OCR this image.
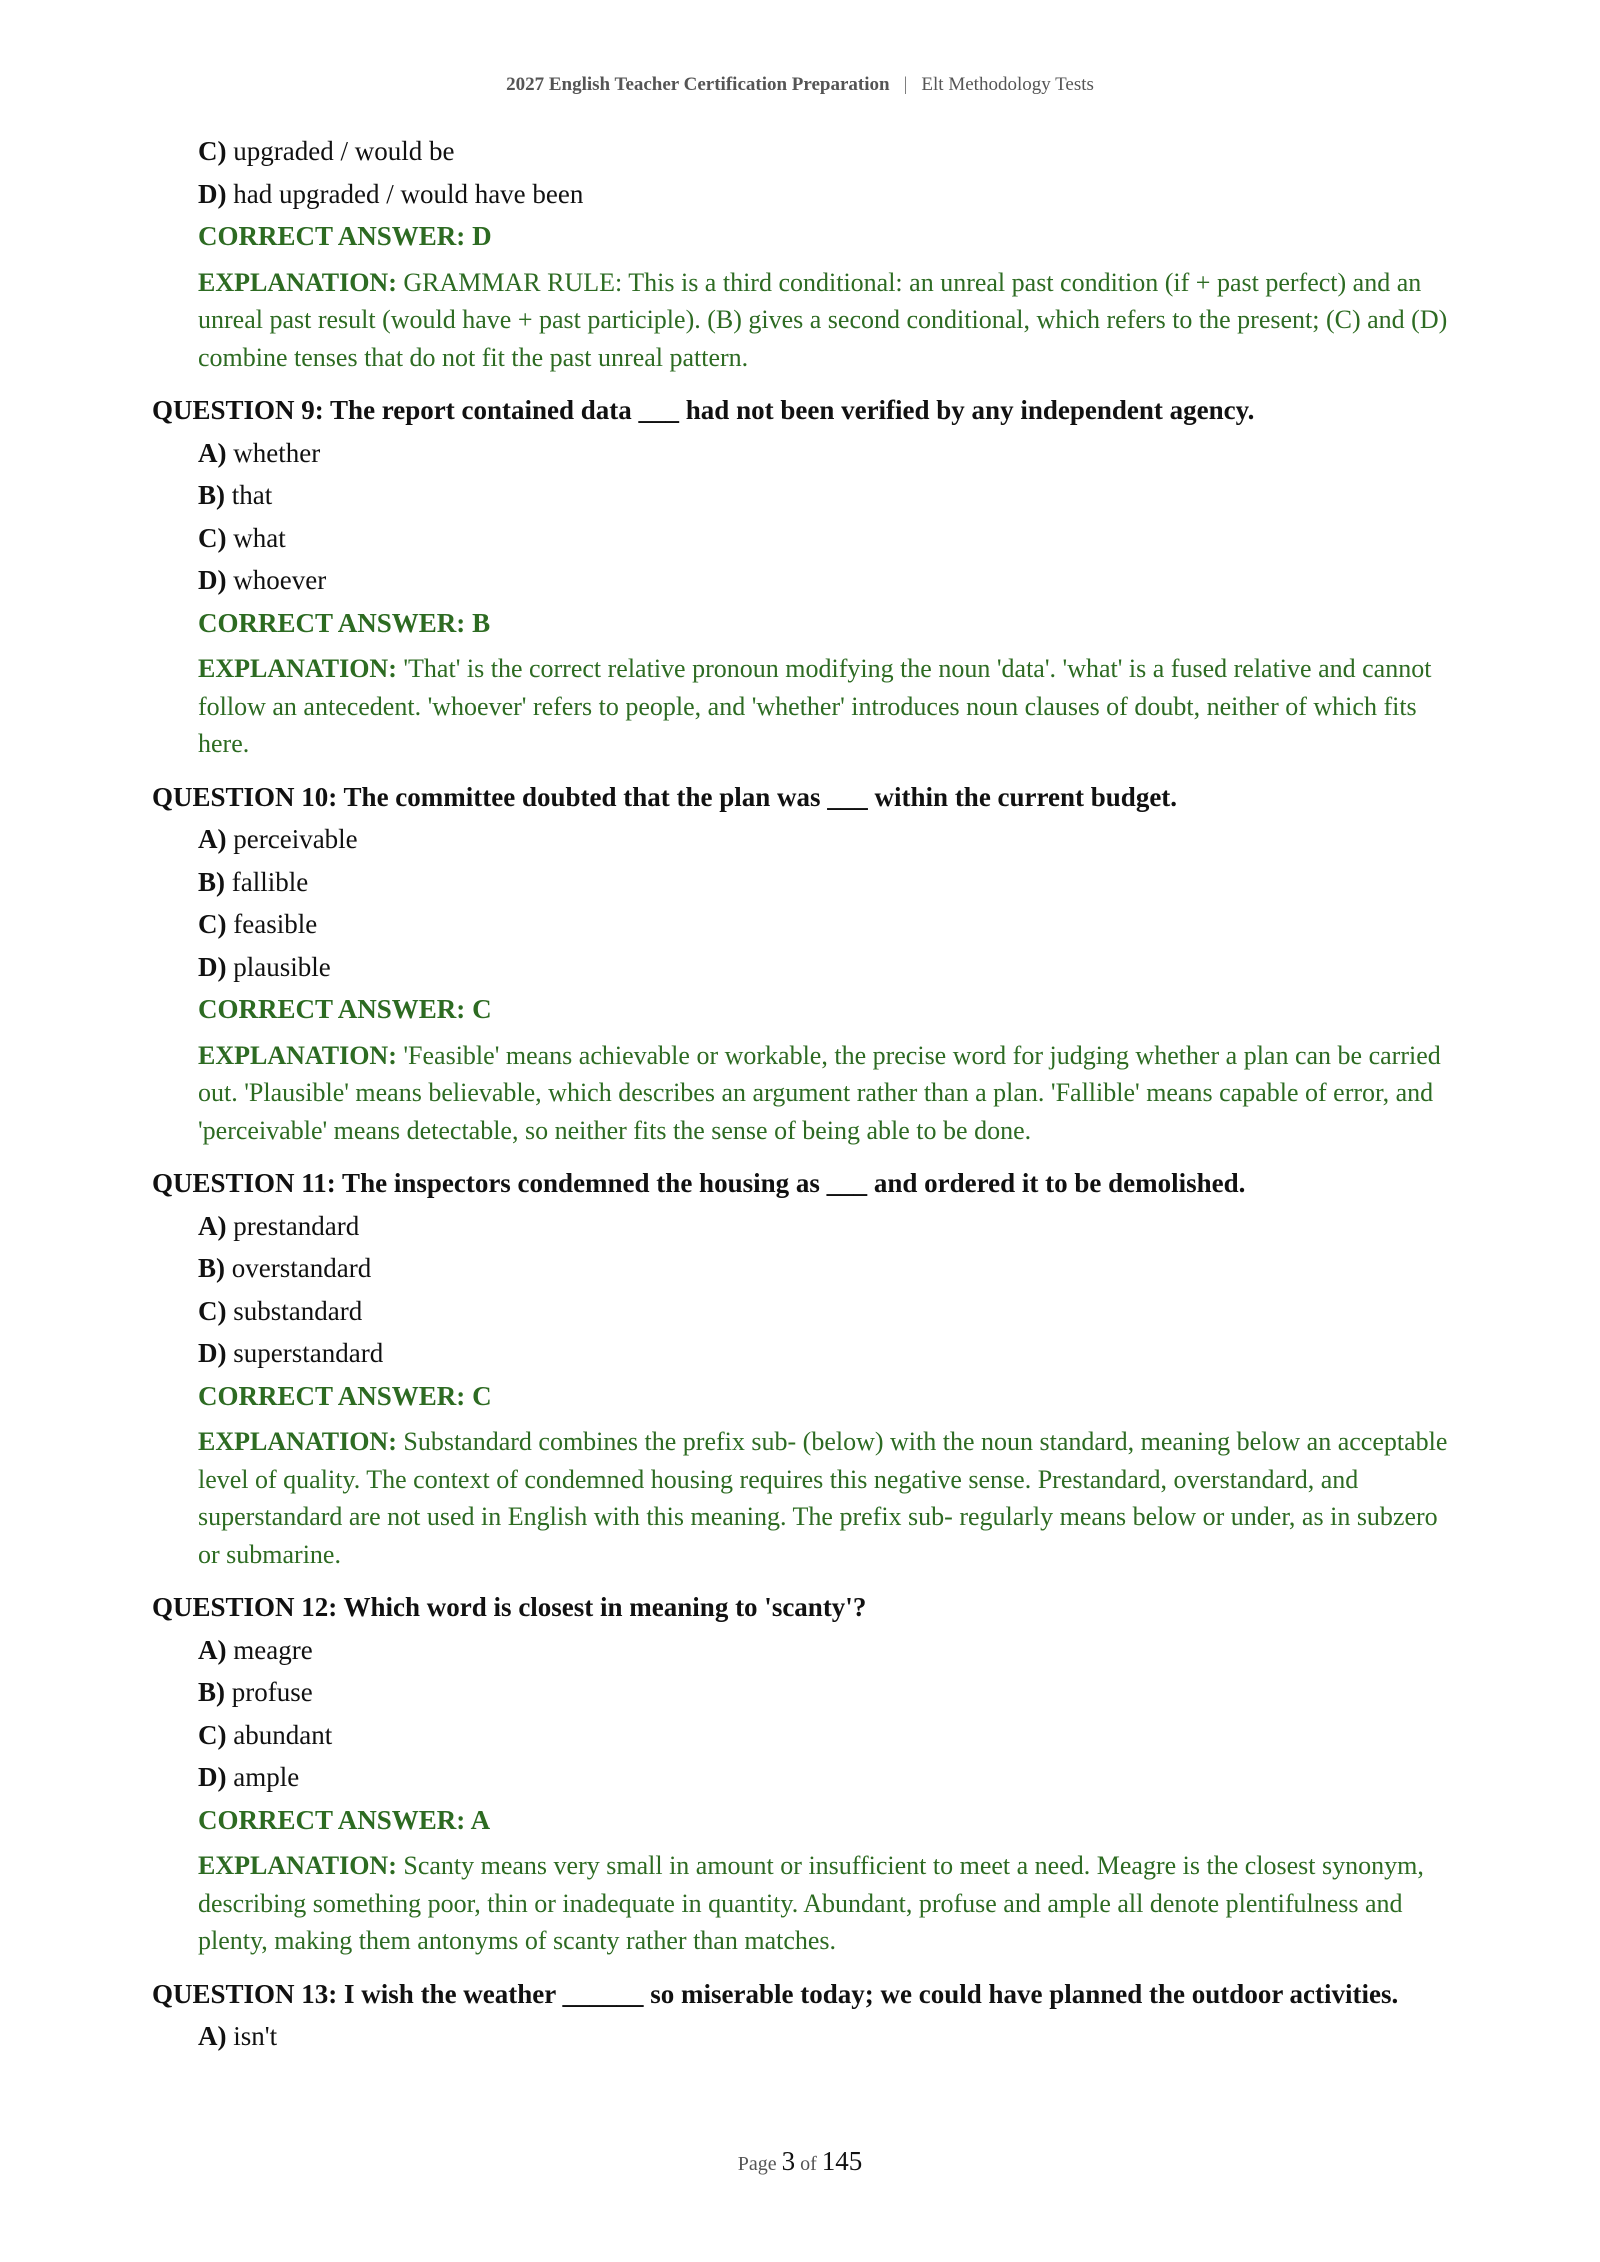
2027 English Teacher Certification Preparation | Elt Methodology Tests
C) upgraded / would be
D) had upgraded / would have been
CORRECT ANSWER: D
EXPLANATION: GRAMMAR RULE: This is a third conditional: an unreal past condition (if + past perfect) and an unreal past result (would have + past participle). (B) gives a second conditional, which refers to the present; (C) and (D) combine tenses that do not fit the past unreal pattern.
QUESTION 9: The report contained data ___ had not been verified by any independent agency.
A) whether
B) that
C) what
D) whoever
CORRECT ANSWER: B
EXPLANATION: 'That' is the correct relative pronoun modifying the noun 'data'. 'what' is a fused relative and cannot follow an antecedent. 'whoever' refers to people, and 'whether' introduces noun clauses of doubt, neither of which fits here.
QUESTION 10: The committee doubted that the plan was ___ within the current budget.
A) perceivable
B) fallible
C) feasible
D) plausible
CORRECT ANSWER: C
EXPLANATION: 'Feasible' means achievable or workable, the precise word for judging whether a plan can be carried out. 'Plausible' means believable, which describes an argument rather than a plan. 'Fallible' means capable of error, and 'perceivable' means detectable, so neither fits the sense of being able to be done.
QUESTION 11: The inspectors condemned the housing as ___ and ordered it to be demolished.
A) prestandard
B) overstandard
C) substandard
D) superstandard
CORRECT ANSWER: C
EXPLANATION: Substandard combines the prefix sub- (below) with the noun standard, meaning below an acceptable level of quality. The context of condemned housing requires this negative sense. Prestandard, overstandard, and superstandard are not used in English with this meaning. The prefix sub- regularly means below or under, as in subzero or submarine.
QUESTION 12: Which word is closest in meaning to 'scanty'?
A) meagre
B) profuse
C) abundant
D) ample
CORRECT ANSWER: A
EXPLANATION: Scanty means very small in amount or insufficient to meet a need. Meagre is the closest synonym, describing something poor, thin or inadequate in quantity. Abundant, profuse and ample all denote plentifulness and plenty, making them antonyms of scanty rather than matches.
QUESTION 13: I wish the weather ______ so miserable today; we could have planned the outdoor activities.
A) isn't
Page 3 of 145
